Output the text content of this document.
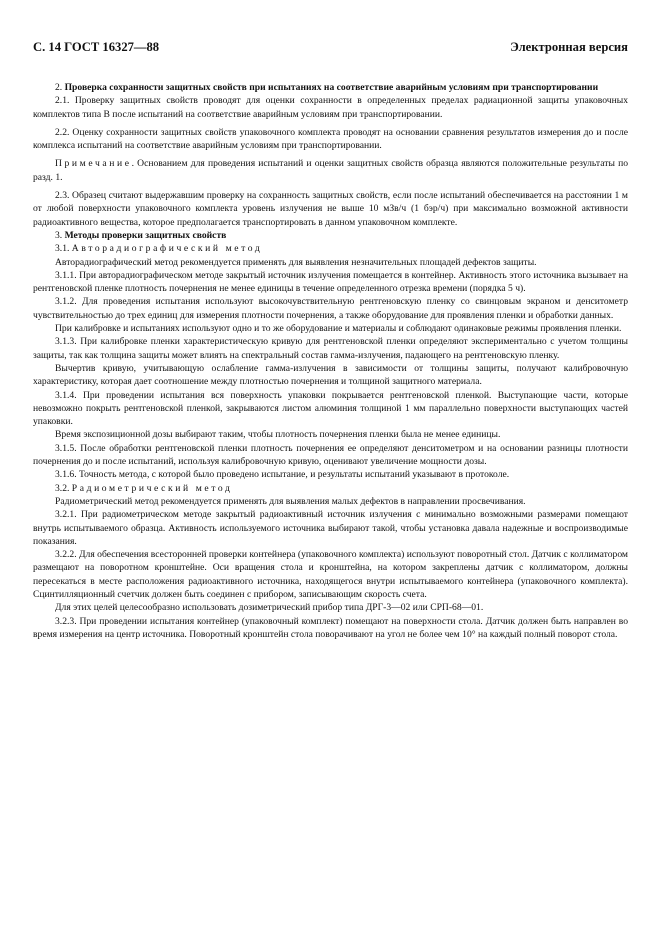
С. 14 ГОСТ 16327—88	Электронная версия

2. Проверка сохранности защитных свойств при испытаниях на соответствие аварийным условиям при транспортировании

2.1. Проверку защитных свойств проводят для оценки сохранности в определенных пределах радиационной защиты упаковочных комплектов типа В после испытаний на соответствие аварийным условиям при транспортировании.

2.2. Оценку сохранности защитных свойств упаковочного комплекта проводят на основании сравнения результатов измерения до и после комплекса испытаний на соответствие аварийным условиям при транспортировании.

Примечание. Основанием для проведения испытаний и оценки защитных свойств образца являются положительные результаты по разд. 1.

2.3. Образец считают выдержавшим проверку на сохранность защитных свойств, если после испытаний обеспечивается на расстоянии 1 м от любой поверхности упаковочного комплекта уровень излучения не выше 10 мЗв/ч (1 бэр/ч) при максимально возможной активности радиоактивного вещества, которое предполагается транспортировать в данном упаковочном комплекте.

3. Методы проверки защитных свойств

3.1. Авторадиографический метод

Авторадиографический метод рекомендуется применять для выявления незначительных площадей дефектов защиты.

3.1.1. При авторадиографическом методе закрытый источник излучения помещается в контейнер. Активность этого источника вызывает на рентгеновской пленке плотность почернения не менее единицы в течение определенного отрезка времени (порядка 5 ч).

3.1.2. Для проведения испытания используют высокочувствительную рентгеновскую пленку со свинцовым экраном и денситометр чувствительностью до трех единиц для измерения плотности почернения, а также оборудование для проявления пленки и обработки данных.

При калибровке и испытаниях используют одно и то же оборудование и материалы и соблюдают одинаковые режимы проявления пленки.

3.1.3. При калибровке пленки характеристическую кривую для рентгеновской пленки определяют экспериментально с учетом толщины защиты, так как толщина защиты может влиять на спектральный состав гамма-излучения, падающего на рентгеновскую пленку.

Вычертив кривую, учитывающую ослабление гамма-излучения в зависимости от толщины защиты, получают калибровочную характеристику, которая дает соотношение между плотностью почернения и толщиной защитного материала.

3.1.4. При проведении испытания вся поверхность упаковки покрывается рентгеновской пленкой. Выступающие части, которые невозможно покрыть рентгеновской пленкой, закрываются листом алюминия толщиной 1 мм параллельно поверхности выступающих частей упаковки.

Время экспозиционной дозы выбирают таким, чтобы плотность почернения пленки была не менее единицы.

3.1.5. После обработки рентгеновской пленки плотность почернения ее определяют денситометром и на основании разницы плотности почернения до и после испытаний, используя калибровочную кривую, оценивают увеличение мощности дозы.

3.1.6. Точность метода, с которой было проведено испытание, и результаты испытаний указывают в протоколе.

3.2. Радиометрический метод

Радиометрический метод рекомендуется применять для выявления малых дефектов в направлении просвечивания.

3.2.1. При радиометрическом методе закрытый радиоактивный источник излучения с минимально возможными размерами помещают внутрь испытываемого образца. Активность используемого источника выбирают такой, чтобы установка давала надежные и воспроизводимые показания.

3.2.2. Для обеспечения всесторонней проверки контейнера (упаковочного комплекта) используют поворотный стол. Датчик с коллиматором размещают на поворотном кронштейне. Оси вращения стола и кронштейна, на котором закреплены датчик с коллиматором, должны пересекаться в месте расположения радиоактивного источника, находящегося внутри испытываемого контейнера (упаковочного комплекта). Сцинтилляционный счетчик должен быть соединен с прибором, записывающим скорость счета.

Для этих целей целесообразно использовать дозиметрический прибор типа ДРГ-3—02 или СРП-68—01.

3.2.3. При проведении испытания контейнер (упаковочный комплект) помещают на поверхности стола. Датчик должен быть направлен во время измерения на центр источника. Поворотный кронштейн стола поворачивают на угол не более чем 10° на каждый полный поворот стола.
